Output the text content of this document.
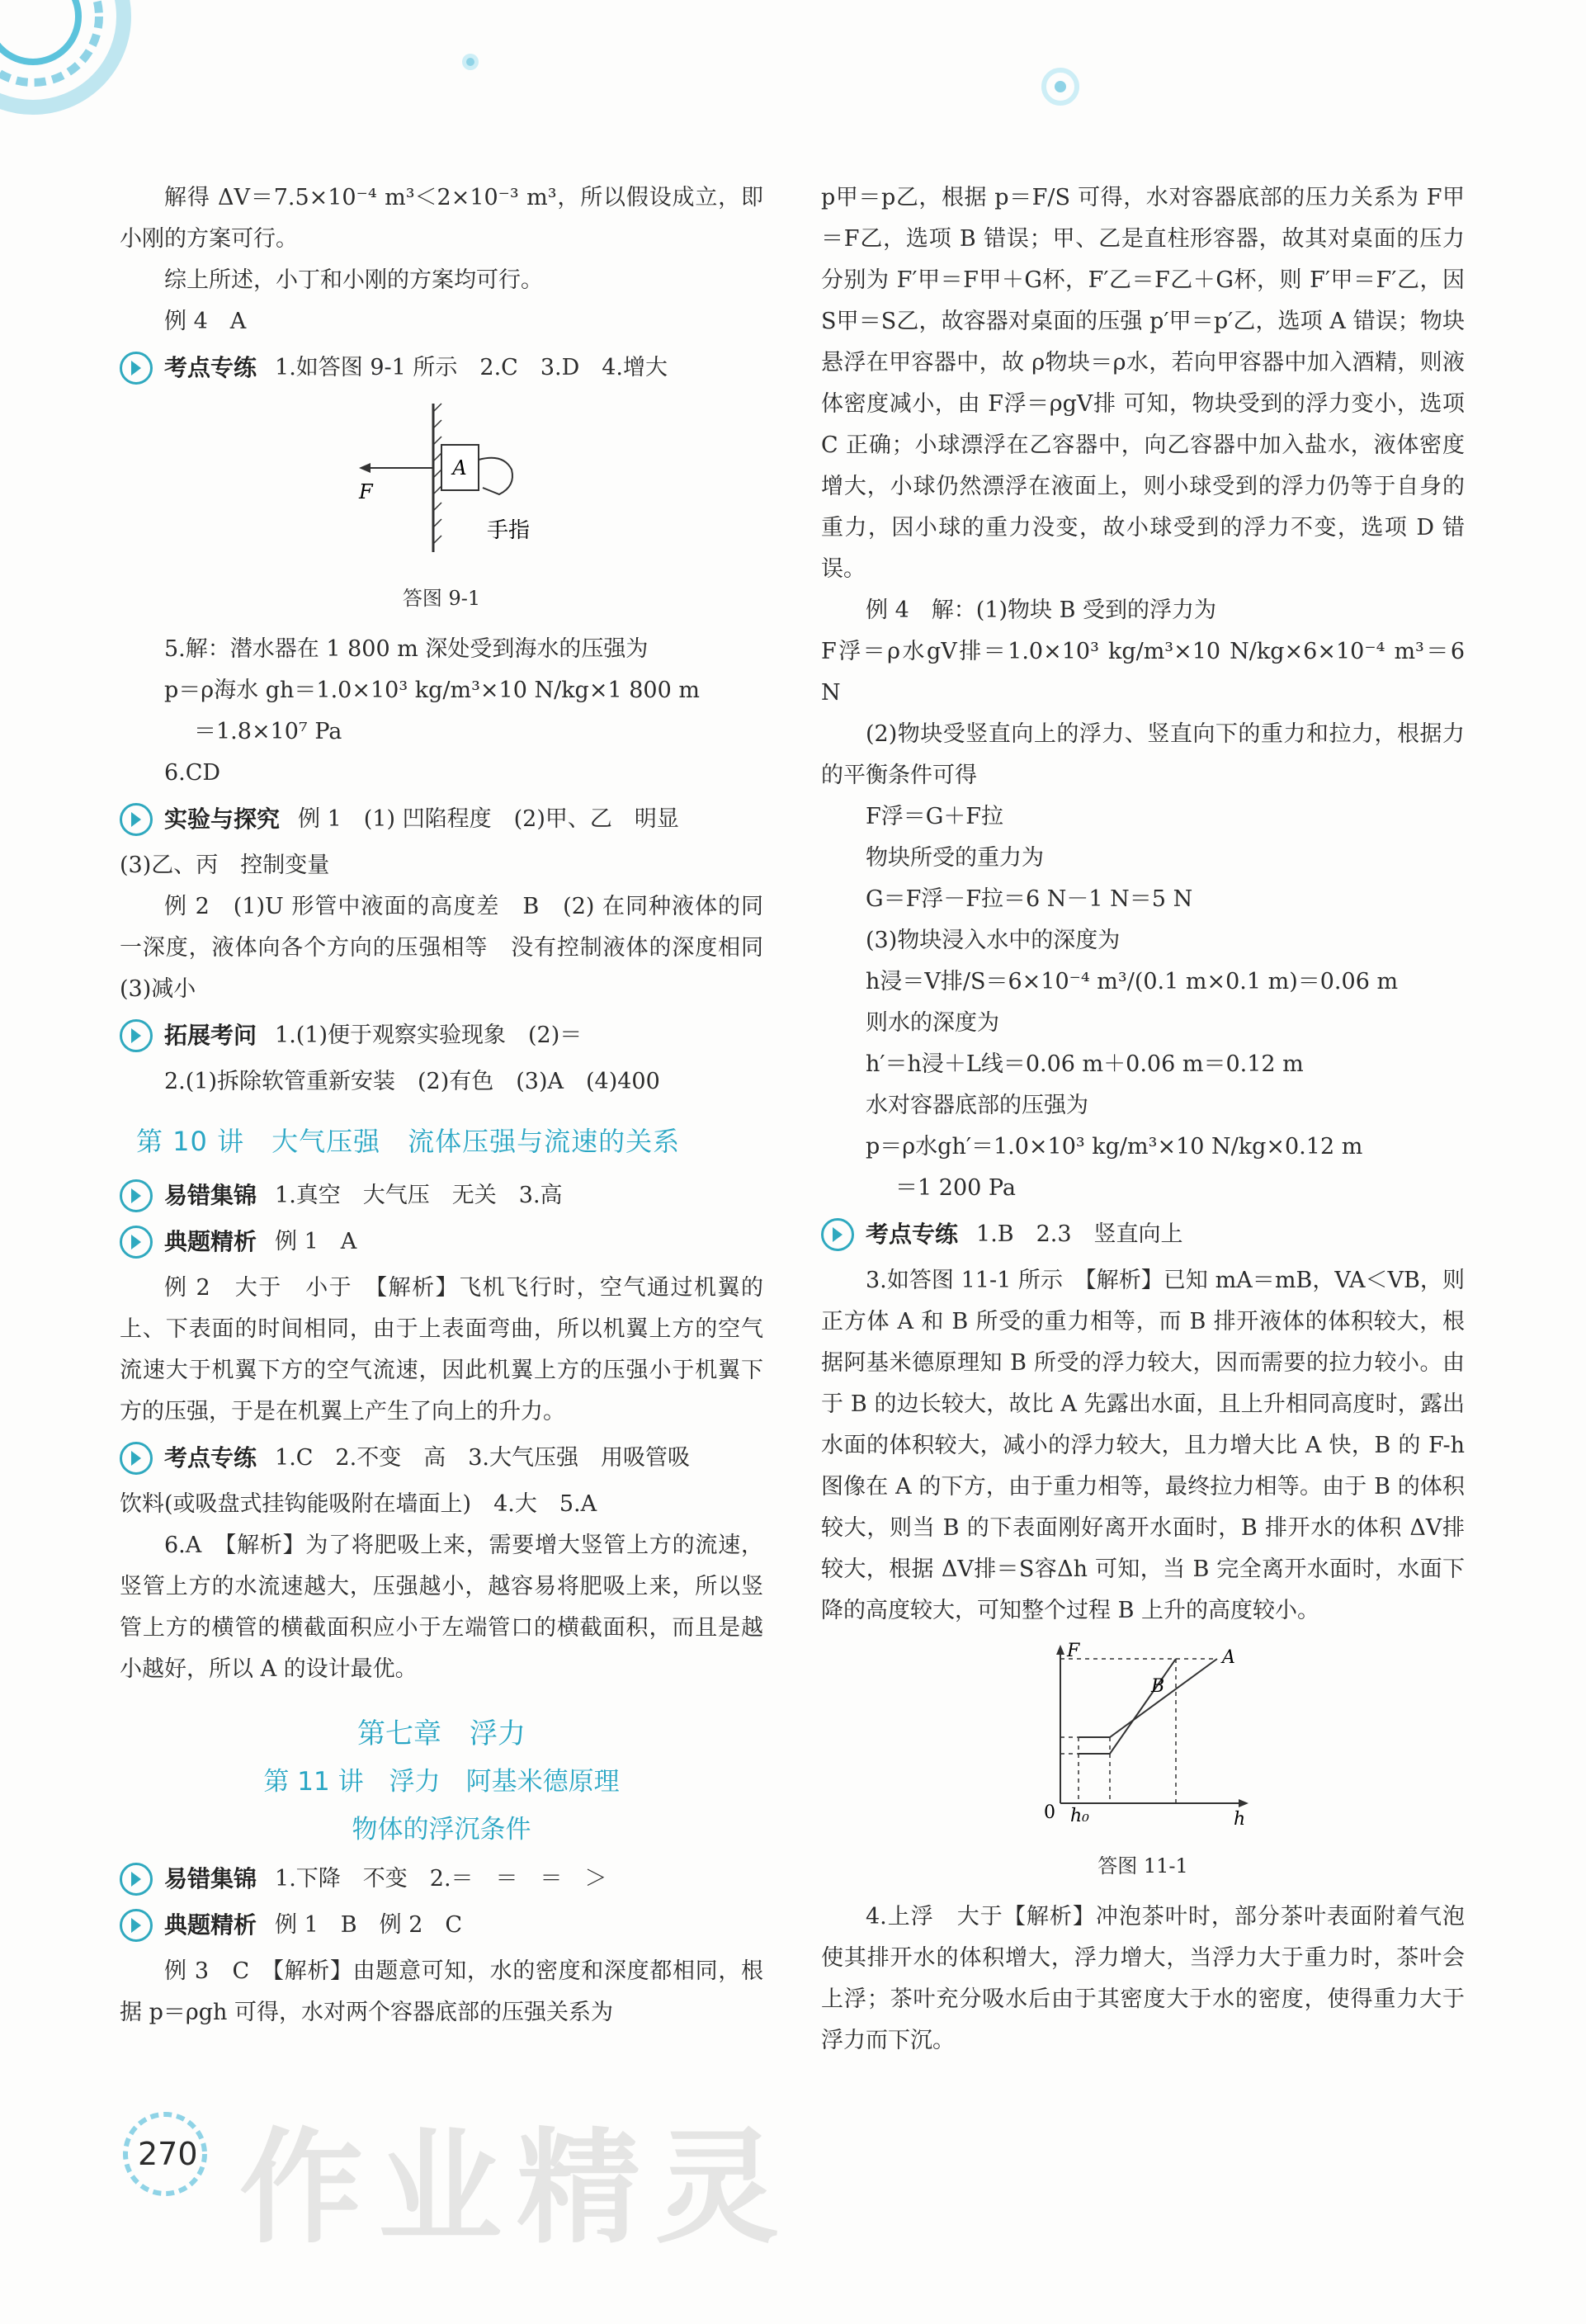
解得 ΔV＝7.5×10⁻⁴ m³＜2×10⁻³ m³，所以假设成立，即小刚的方案可行。

综上所述，小丁和小刚的方案均可行。

例 4　A

考点专练 1.如答图 9-1 所示　2.C　3.D　4.增大
A
F
手指
答图 9-1

5.解：潜水器在 1 800 m 深处受到海水的压强为

p＝ρ海水 gh＝1.0×10³ kg/m³×10 N/kg×1 800 m

＝1.8×10⁷ Pa

6.CD

实验与探究 例 1　(1) 凹陷程度　(2)甲、乙　明显

(3)乙、丙　控制变量

例 2　(1)U 形管中液面的高度差　B　(2) 在同种液体的同一深度，液体向各个方向的压强相等　没有控制液体的深度相同　(3)减小

拓展考问 1.(1)便于观察实验现象　(2)＝

2.(1)拆除软管重新安装　(2)有色　(3)A　(4)400

第 10 讲　大气压强　流体压强与流速的关系
易错集锦 1.真空　大气压　无关　3.高
典题精析 例 1　A

例 2　大于　小于　【解析】飞机飞行时，空气通过机翼的上、下表面的时间相同，由于上表面弯曲，所以机翼上方的空气流速大于机翼下方的空气流速，因此机翼上方的压强小于机翼下方的压强，于是在机翼上产生了向上的升力。

考点专练 1.C　2.不变　高　3.大气压强　用吸管吸

饮料(或吸盘式挂钩能吸附在墙面上)　4.大　5.A

6.A　【解析】为了将肥吸上来，需要增大竖管上方的流速，竖管上方的水流速越大，压强越小，越容易将肥吸上来，所以竖管上方的横管的横截面积应小于左端管口的横截面积，而且是越小越好，所以 A 的设计最优。

第七章　浮力
第 11 讲　浮力　阿基米德原理
物体的浮沉条件
易错集锦 1.下降　不变　2.＝　＝　＝　＞
典题精析 例 1　B　例 2　C

例 3　C　【解析】由题意可知，水的密度和深度都相同，根据 p＝ρgh 可得，水对两个容器底部的压强关系为

p甲＝p乙，根据 p＝F/S 可得，水对容器底部的压力关系为 F甲＝F乙，选项 B 错误；甲、乙是直柱形容器，故其对桌面的压力分别为 F′甲＝F甲＋G杯，F′乙＝F乙＋G杯，则 F′甲＝F′乙，因 S甲＝S乙，故容器对桌面的压强 p′甲＝p′乙，选项 A 错误；物块悬浮在甲容器中，故 ρ物块＝ρ水，若向甲容器中加入酒精，则液体密度减小，由 F浮＝ρgV排 可知，物块受到的浮力变小，选项 C 正确；小球漂浮在乙容器中，向乙容器中加入盐水，液体密度增大，小球仍然漂浮在液面上，则小球受到的浮力仍等于自身的重力，因小球的重力没变，故小球受到的浮力不变，选项 D 错误。

例 4　解：(1)物块 B 受到的浮力为

F浮＝ρ水gV排＝1.0×10³ kg/m³×10 N/kg×6×10⁻⁴ m³＝6 N

(2)物块受竖直向上的浮力、竖直向下的重力和拉力，根据力的平衡条件可得

F浮＝G＋F拉

物块所受的重力为

G＝F浮－F拉＝6 N－1 N＝5 N

(3)物块浸入水中的深度为

h浸＝V排/S＝6×10⁻⁴ m³/(0.1 m×0.1 m)＝0.06 m

则水的深度为

h′＝h浸＋L线＝0.06 m＋0.06 m＝0.12 m

水对容器底部的压强为

p＝ρ水gh′＝1.0×10³ kg/m³×10 N/kg×0.12 m

＝1 200 Pa

考点专练 1.B　2.3　竖直向上

3.如答图 11-1 所示　【解析】已知 mA＝mB，VA＜VB，则正方体 A 和 B 所受的重力相等，而 B 排开液体的体积较大，根据阿基米德原理知 B 所受的浮力较大，因而需要的拉力较小。由于 B 的边长较大，故比 A 先露出水面，且上升相同高度时，露出水面的体积较大，减小的浮力较大，且力增大比 A 快，B 的 F-h 图像在 A 的下方，由于重力相等，最终拉力相等。由于 B 的体积较大，则当 B 的下表面刚好离开水面时，B 排开水的体积 ΔV排 较大，根据 ΔV排＝S容Δh 可知，当 B 完全离开水面时，水面下降的高度较大，可知整个过程 B 上升的高度较小。

F	A
B
0 h₀	h
答图 11-1

4.上浮　大于【解析】冲泡茶叶时，部分茶叶表面附着气泡使其排开水的体积增大，浮力增大，当浮力大于重力时，茶叶会上浮；茶叶充分吸水后由于其密度大于水的密度，使得重力大于浮力而下沉。

270 作业精灵
